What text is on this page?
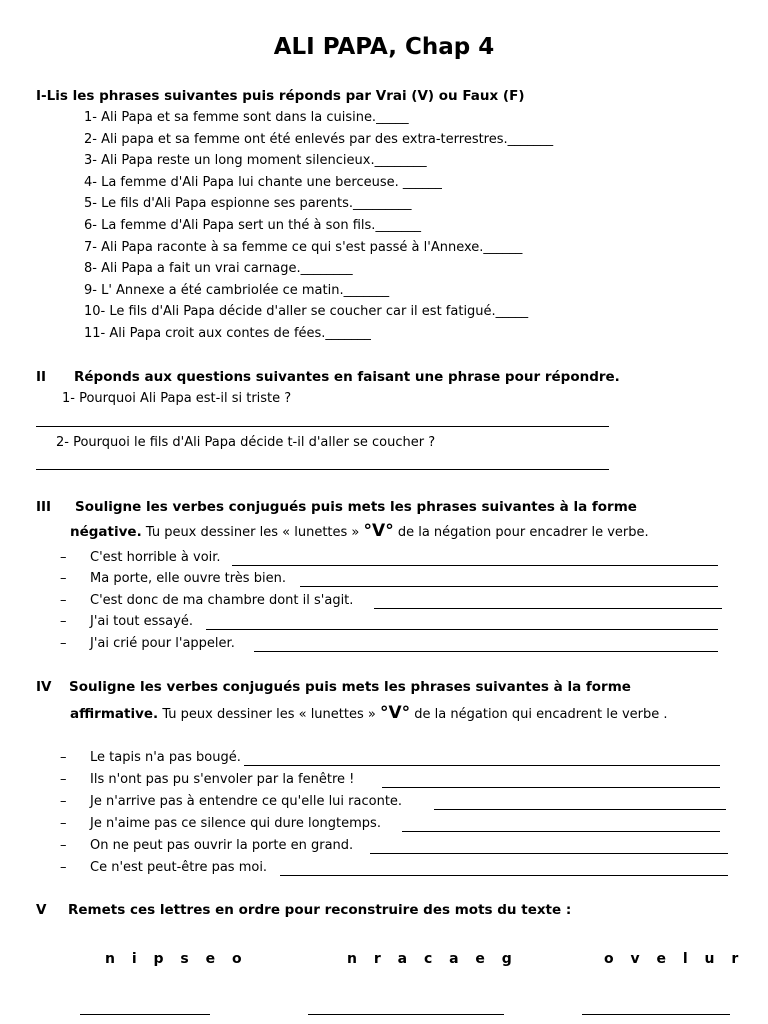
ALI PAPA, Chap 4
I-Lis les phrases suivantes puis réponds par Vrai (V) ou Faux (F)
1- Ali Papa et sa femme sont dans la cuisine._____
2- Ali papa et sa femme ont été enlevés par des extra-terrestres._______
3- Ali Papa reste un long moment silencieux.________
4- La femme d'Ali Papa lui chante une berceuse. ______
5- Le fils d'Ali Papa espionne ses parents._________
6- La femme d'Ali Papa sert un thé à son fils._______
7- Ali Papa raconte à sa femme ce qui s'est passé à l'Annexe.______
8- Ali Papa a fait un vrai carnage.________
9- L' Annexe a été cambriolée ce matin._______
10- Le fils d'Ali Papa décide d'aller se coucher car il est fatigué._____
11- Ali Papa croit aux contes de fées._______
II Réponds aux questions suivantes en faisant une phrase pour répondre.
1- Pourquoi Ali Papa est-il si triste ?
2- Pourquoi le fils d'Ali Papa décide t-il d'aller se coucher ?
III Souligne les verbes conjugués puis mets les phrases suivantes à la forme
négative. Tu peux dessiner les « lunettes » °V° de la négation pour encadrer le verbe.
– C'est horrible à voir.
– Ma porte, elle ouvre très bien.
– C'est donc de ma chambre dont il s'agit.
– J'ai tout essayé.
– J'ai crié pour l'appeler.
IV Souligne les verbes conjugués puis mets les phrases suivantes à la forme
affirmative. Tu peux dessiner les « lunettes » °V° de la négation qui encadrent le verbe .
– Le tapis n'a pas bougé.
– Ils n'ont pas pu s'envoler par la fenêtre !
– Je n'arrive pas à entendre ce qu'elle lui raconte.
– Je n'aime pas ce silence qui dure longtemps.
– On ne peut pas ouvrir la porte en grand.
– Ce n'est peut-être pas moi.
V Remets ces lettres en ordre pour reconstruire des mots du texte :
n i p s e o	n r a c a e g	o v e l u r
